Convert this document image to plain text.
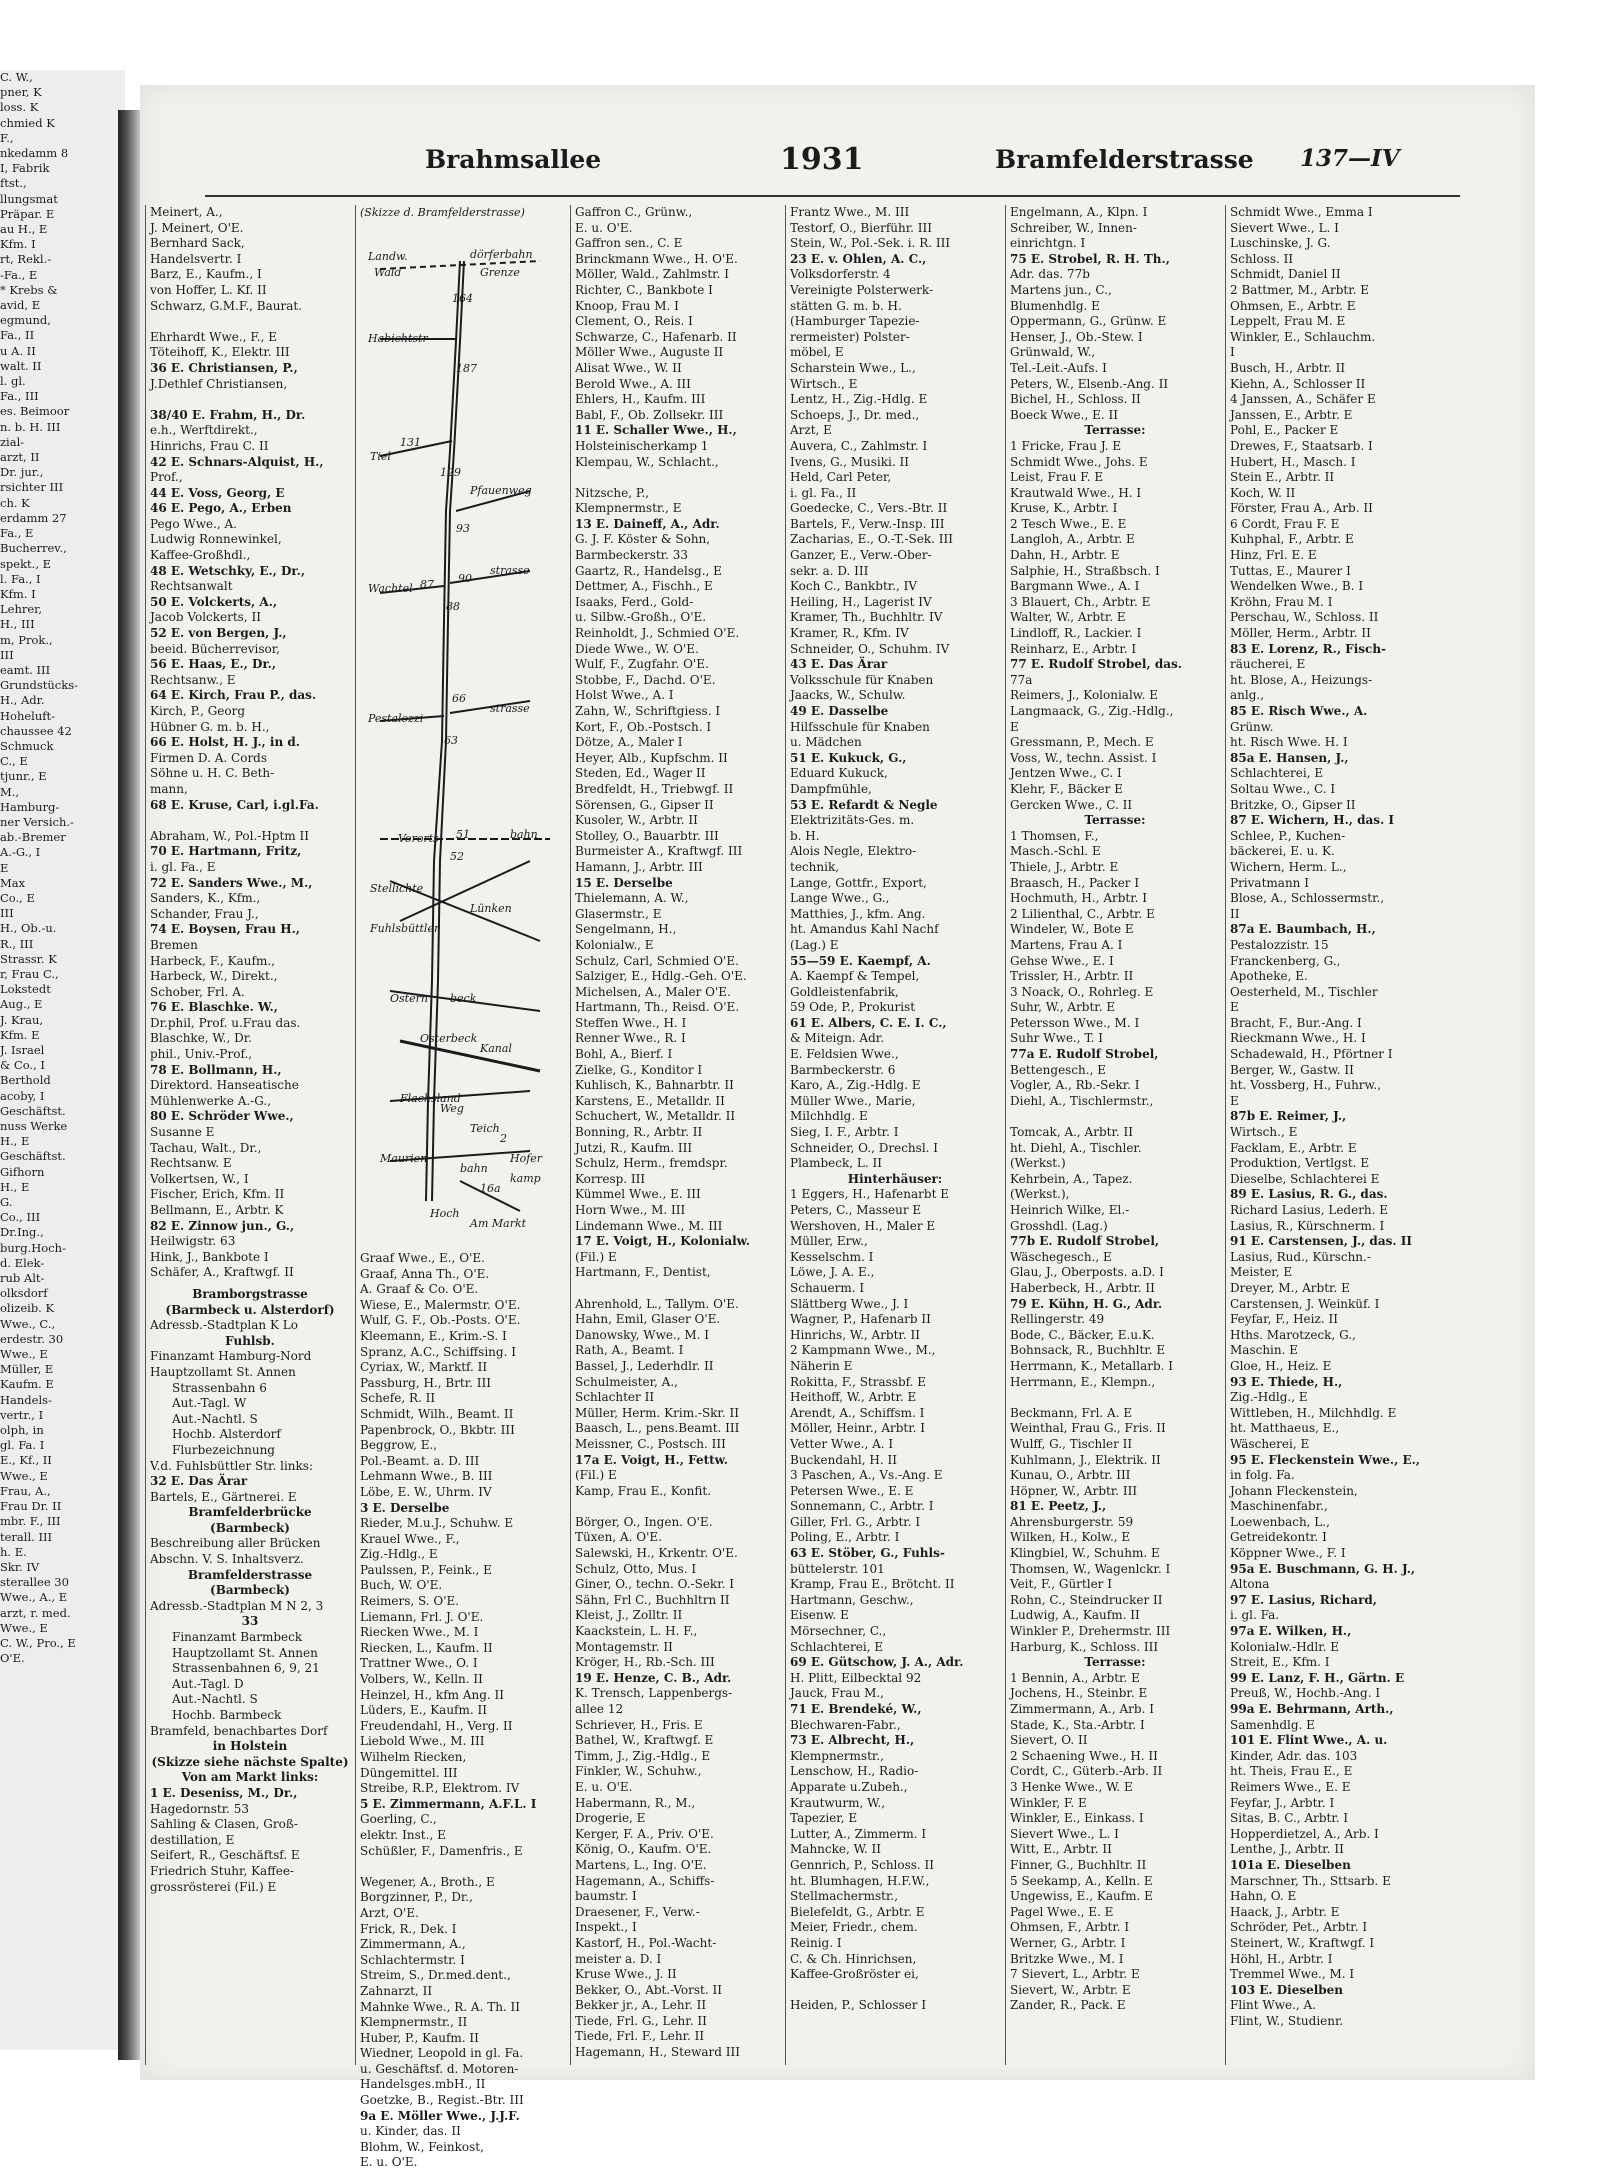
C. W.,
pner, K
loss. K
chmied K
F.,
nkedamm 8
I, Fabrik
ftst.,
llungsmat
Präpar. E
au H., E
Kfm. I
rt, Rekl.-
-Fa., E
* Krebs &
avid, E
egmund,
Fa., II
u A. II
walt. II
l. gl.
Fa., III
es. Beimoor
n. b. H. III
zial-
arzt, II
Dr. jur.,
rsichter III
ch. K
erdamm 27
Fa., E
Bucherrev.,
spekt., E
l. Fa., I
Kfm. I
Lehrer,
H., III
m, Prok.,
III
eamt. III
Grundstücks-
H., Adr.
Hoheluft-
chaussee 42
Schmuck
C., E
tjunr., E
M.,
Hamburg-
ner Versich.-
ab.-Bremer
A.-G., I
E
Max
Co., E
III
H., Ob.-u.
R., III
Strassr. K
r, Frau C.,
Lokstedt
Aug., E
J. Krau,
Kfm. E
J. Israel
& Co., I
Berthold
acoby, I
Geschäftst.
nuss Werke
H., E
Geschäftst.
Gifhorn
H., E
G.
Co., III
Dr.Ing.,
burg.Hoch-
d. Elek-
rub Alt-
olksdorf
olizeib. K
Wwe., C.,
erdestr. 30
Wwe., E
Müller, E
Kaufm. E
Handels-
vertr., I
olph, in
gl. Fa. I
E., Kf., II
Wwe., E
Frau, A.,
Frau Dr. II
mbr. F., III
terall. III
h. E.
Skr. IV
sterallee 30
Wwe., A., E
arzt, r. med.
Wwe., E
C. W., Pro., E
O'E.
Brahmsallee	1931	Bramfelderstrasse 137—IV
Meinert, A.,
J. Meinert, O'E.
Bernhard Sack,
Handelsvertr. I
Barz, E., Kaufm., I
von Hoffer, L. Kf. II
Schwarz, G.M.F., Baurat.

Ehrhardt Wwe., F., E
Töteihoff, K., Elektr. III
36 E. Christiansen, P.,
J.Dethlef Christiansen,

38/40 E. Frahm, H., Dr.
e.h., Werftdirekt.,
Hinrichs, Frau C. II
42 E. Schnars-Alquist, H.,
Prof.,
44 E. Voss, Georg, E
46 E. Pego, A., Erben
Pego Wwe., A.
Ludwig Ronnewinkel,
Kaffee-Großhdl.,
48 E. Wetschky, E., Dr.,
Rechtsanwalt
50 E. Volckerts, A.,
Jacob Volckerts, II
52 E. von Bergen, J.,
beeid. Bücherrevisor,
56 E. Haas, E., Dr.,
Rechtsanw., E
64 E. Kirch, Frau P., das.
Kirch, P., Georg
Hübner G. m. b. H.,
66 E. Holst, H. J., in d.
Firmen D. A. Cords
Söhne u. H. C. Beth-
mann,
68 E. Kruse, Carl, i.gl.Fa.

Abraham, W., Pol.-Hptm II
70 E. Hartmann, Fritz,
i. gl. Fa., E
72 E. Sanders Wwe., M.,
Sanders, K., Kfm.,
Schander, Frau J.,
74 E. Boysen, Frau H.,
Bremen
Harbeck, F., Kaufm.,
Harbeck, W., Direkt.,
Schober, Frl. A.
76 E. Blaschke. W.,
Dr.phil, Prof. u.Frau das.
Blaschke, W., Dr.
phil., Univ.-Prof.,
78 E. Bollmann, H.,
Direktord. Hanseatische
Mühlenwerke A.-G.,
80 E. Schröder Wwe.,
Susanne E
Tachau, Walt., Dr.,
Rechtsanw. E
Volkertsen, W., I
Fischer, Erich, Kfm. II
Bellmann, E., Arbtr. K
82 E. Zinnow jun., G.,
Heilwigstr. 63
Hink, J., Bankbote I
Schäfer, A., Kraftwgf. II
Bramborgstrasse
(Barmbeck u. Alsterdorf)
Adressb.-Stadtplan K Lo
Fuhlsb.
Finanzamt Hamburg-Nord
Hauptzollamt St. Annen
Strassenbahn 6
Aut.-Tagl. W
Aut.-Nachtl. S
Hochb. Alsterdorf
Flurbezeichnung
V.d. Fuhlsbüttler Str. links:
32 E. Das Ärar
Bartels, E., Gärtnerei. E
Bramfelderbrücke
(Barmbeck)
Beschreibung aller Brücken
Abschn. V. S. Inhaltsverz.
Bramfelderstrasse
(Barmbeck)
Adressb.-Stadtplan M N 2, 3
33
Finanzamt Barmbeck
Hauptzollamt St. Annen
Strassenbahnen 6, 9, 21
Aut.-Tagl. D
Aut.-Nachtl. S
Hochb. Barmbeck
Bramfeld, benachbartes Dorf
in Holstein
(Skizze siehe nächste Spalte)
Von am Markt links:
1 E. Deseniss, M., Dr.,
Hagedornstr. 53
Sahling & Clasen, Groß-
destillation, E
Seifert, R., Geschäftsf. E
Friedrich Stuhr, Kaffee-
grossrösterei (Fil.) E
(Skizze d. Bramfelderstrasse)
Landw.
Wald
dörferbahn
Grenze
164
Habichtstr
187
Tiel
131
129
Pfauenweg
93
Wachtel 87 90
strasse
88
Pestalozzi
63
66
strasse
Vororts 51	bahn
52
Stellichte
Fuhlsbüttler
Lünken
Ostern beck
Osterbeck
Kanal
Flachsland
Weg
Teich
Maurien
Hoch
bahn
16a
2
Hofer
kamp
Am Markt
Graaf Wwe., E., O'E.
Graaf, Anna Th., O'E.
A. Graaf & Co. O'E.
Wiese, E., Malermstr. O'E.
Wulf, G. F., Ob.-Posts. O'E.
Kleemann, E., Krim.-S. I
Spranz, A.C., Schiffsing. I
Cyriax, W., Marktf. II
Passburg, H., Brtr. III
Schefe, R. II
Schmidt, Wilh., Beamt. II
Papenbrock, O., Bkbtr. III
Beggrow, E.,
Pol.-Beamt. a. D. III
Lehmann Wwe., B. III
Löbe, E. W., Uhrm. IV
3 E. Derselbe
Rieder, M.u.J., Schuhw. E
Krauel Wwe., F.,
Zig.-Hdlg., E
Paulssen, P., Feink., E
Buch, W. O'E.
Reimers, S. O'E.
Liemann, Frl. J. O'E.
Riecken Wwe., M. I
Riecken, L., Kaufm. II
Trattner Wwe., O. I
Volbers, W., Kelln. II
Heinzel, H., kfm Ang. II
Lüders, E., Kaufm. II
Freudendahl, H., Verg. II
Liebold Wwe., M. III
Wilhelm Riecken,
Düngemittel. III
Streibe, R.P., Elektrom. IV
5 E. Zimmermann, A.F.L. I
Goerling, C.,
elektr. Inst., E
Schüßler, F., Damenfris., E

Wegener, A., Broth., E
Borgzinner, P., Dr.,
Arzt, O'E.
Frick, R., Dek. I
Zimmermann, A.,
Schlachtermstr. I
Streim, S., Dr.med.dent.,
Zahnarzt, II
Mahnke Wwe., R. A. Th. II
Klempnermstr., II
Huber, P., Kaufm. II
Wiedner, Leopold in gl. Fa.
u. Geschäftsf. d. Motoren-
Handelsges.mbH., II
Goetzke, B., Regist.-Btr. III
9a E. Möller Wwe., J.J.F.
u. Kinder, das. II
Blohm, W., Feinkost,
E. u. O'E.
Gaffron C., Grünw.,
E. u. O'E.
Gaffron sen., C. E
Brinckmann Wwe., H. O'E.
Möller, Wald., Zahlmstr. I
Richter, C., Bankbote I
Knoop, Frau M. I
Clement, O., Reis. I
Schwarze, C., Hafenarb. II
Möller Wwe., Auguste II
Alisat Wwe., W. II
Berold Wwe., A. III
Ehlers, H., Kaufm. III
Babl, F., Ob. Zollsekr. III
11 E. Schaller Wwe., H.,
Holsteinischerkamp 1
Klempau, W., Schlacht.,

Nitzsche, P.,
Klempnermstr., E
13 E. Daineff, A., Adr.
G. J. F. Köster & Sohn,
Barmbeckerstr. 33
Gaartz, R., Handelsg., E
Dettmer, A., Fischh., E
Isaaks, Ferd., Gold-
u. Silbw.-Großh., O'E.
Reinholdt, J., Schmied O'E.
Diede Wwe., W. O'E.
Wulf, F., Zugfahr. O'E.
Stobbe, F., Dachd. O'E.
Holst Wwe., A. I
Zahn, W., Schriftgiess. I
Kort, F., Ob.-Postsch. I
Dötze, A., Maler I
Heyer, Alb., Kupfschm. II
Steden, Ed., Wager II
Bredfeldt, H., Triebwgf. II
Sörensen, G., Gipser II
Kusoler, W., Arbtr. II
Stolley, O., Bauarbtr. III
Burmeister A., Kraftwgf. III
Hamann, J., Arbtr. III
15 E. Derselbe
Thielemann, A. W.,
Glasermstr., E
Sengelmann, H.,
Kolonialw., E
Schulz, Carl, Schmied O'E.
Salziger, E., Hdlg.-Geh. O'E.
Michelsen, A., Maler O'E.
Hartmann, Th., Reisd. O'E.
Steffen Wwe., H. I
Renner Wwe., R. I
Bohl, A., Bierf. I
Zielke, G., Konditor I
Kuhlisch, K., Bahnarbtr. II
Karstens, E., Metalldr. II
Schuchert, W., Metalldr. II
Bonning, R., Arbtr. II
Jutzi, R., Kaufm. III
Schulz, Herm., fremdspr.
Korresp. III
Kümmel Wwe., E. III
Horn Wwe., M. III
Lindemann Wwe., M. III
17 E. Voigt, H., Kolonialw.
(Fil.) E
Hartmann, F., Dentist,

Ahrenhold, L., Tallym. O'E.
Hahn, Emil, Glaser O'E.
Danowsky, Wwe., M. I
Rath, A., Beamt. I
Bassel, J., Lederhdlr. II
Schulmeister, A.,
Schlachter II
Müller, Herm. Krim.-Skr. II
Baasch, L., pens.Beamt. III
Meissner, C., Postsch. III
17a E. Voigt, H., Fettw.
(Fil.) E
Kamp, Frau E., Konfit.

Börger, O., Ingen. O'E.
Tüxen, A. O'E.
Salewski, H., Krkentr. O'E.
Schulz, Otto, Mus. I
Giner, O., techn. O.-Sekr. I
Sähn, Frl C., Buchhltrn II
Kleist, J., Zolltr. II
Kaackstein, L. H. F.,
Montagemstr. II
Kröger, H., Rb.-Sch. III
19 E. Henze, C. B., Adr.
K. Trensch, Lappenbergs-
allee 12
Schriever, H., Fris. E
Bathel, W., Kraftwgf. E
Timm, J., Zig.-Hdlg., E
Finkler, W., Schuhw.,
E. u. O'E.
Habermann, R., M.,
Drogerie, E
Kerger, F. A., Priv. O'E.
König, O., Kaufm. O'E.
Martens, L., Ing. O'E.
Hagemann, A., Schiffs-
baumstr. I
Draesener, F., Verw.-
Inspekt., I
Kastorf, H., Pol.-Wacht-
meister a. D. I
Kruse Wwe., J. II
Bekker, O., Abt.-Vorst. II
Bekker jr., A., Lehr. II
Tiede, Frl. G., Lehr. II
Tiede, Frl. F., Lehr. II
Hagemann, H., Steward III
Frantz Wwe., M. III
Testorf, O., Bierführ. III
Stein, W., Pol.-Sek. i. R. III
23 E. v. Ohlen, A. C.,
Volksdorferstr. 4
Vereinigte Polsterwerk-
stätten G. m. b. H.
(Hamburger Tapezie-
rermeister) Polster-
möbel, E
Scharstein Wwe., L.,
Wirtsch., E
Lentz, H., Zig.-Hdlg. E
Schoeps, J., Dr. med.,
Arzt, E
Auvera, C., Zahlmstr. I
Ivens, G., Musiki. II
Held, Carl Peter,
i. gl. Fa., II
Goedecke, C., Vers.-Btr. II
Bartels, F., Verw.-Insp. III
Zacharias, E., O.-T.-Sek. III
Ganzer, E., Verw.-Ober-
sekr. a. D. III
Koch C., Bankbtr., IV
Heiling, H., Lagerist IV
Kramer, Th., Buchhltr. IV
Kramer, R., Kfm. IV
Schneider, O., Schuhm. IV
43 E. Das Ärar
Volksschule für Knaben
Jaacks, W., Schulw.
49 E. Dasselbe
Hilfsschule für Knaben
u. Mädchen
51 E. Kukuck, G.,
Eduard Kukuck,
Dampfmühle,
53 E. Refardt & Negle
Elektrizitäts-Ges. m.
b. H.
Alois Negle, Elektro-
technik,
Lange, Gottfr., Export,
Lange Wwe., G.,
Matthies, J., kfm. Ang.
ht. Amandus Kahl Nachf
(Lag.) E
55—59 E. Kaempf, A.
A. Kaempf & Tempel,
Goldleistenfabrik,
59 Ode, P., Prokurist
61 E. Albers, C. E. I. C.,
& Miteign. Adr.
E. Feldsien Wwe.,
Barmbeckerstr. 6
Karo, A., Zig.-Hdlg. E
Müller Wwe., Marie,
Milchhdlg. E
Sieg, I. F., Arbtr. I
Schneider, O., Drechsl. I
Plambeck, L. II
Hinterhäuser:
1 Eggers, H., Hafenarbt E
Peters, C., Masseur E
Wershoven, H., Maler E
Müller, Erw.,
Kesselschm. I
Löwe, J. A. E.,
Schauerm. I
Slättberg Wwe., J. I
Wagner, P., Hafenarb II
Hinrichs, W., Arbtr. II
2 Kampmann Wwe., M.,
Näherin E
Rokitta, F., Strassbf. E
Heithoff, W., Arbtr. E
Arendt, A., Schiffsm. I
Möller, Heinr., Arbtr. I
Vetter Wwe., A. I
Buckendahl, H. II
3 Paschen, A., Vs.-Ang. E
Petersen Wwe., E. E
Sonnemann, C., Arbtr. I
Giller, Frl. G., Arbtr. I
Poling, E., Arbtr. I
63 E. Stöber, G., Fuhls-
büttelerstr. 101
Kramp, Frau E., Brötcht. II
Hartmann, Geschw.,
Eisenw. E
Mörsechner, C.,
Schlachterei, E
69 E. Gütschow, J. A., Adr.
H. Plitt, Eilbecktal 92
Jauck, Frau M.,
71 E. Brendeké, W.,
Blechwaren-Fabr.,
73 E. Albrecht, H.,
Klempnermstr.,
Lenschow, H., Radio-
Apparate u.Zubeh.,
Krautwurm, W.,
Tapezier, E
Lutter, A., Zimmerm. I
Mahncke, W. II
Gennrich, P., Schloss. II
ht. Blumhagen, H.F.W.,
Stellmachermstr.,
Bielefeldt, G., Arbtr. E
Meier, Friedr., chem.
Reinig. I
C. & Ch. Hinrichsen,
Kaffee-Großröster ei,

Heiden, P., Schlosser I
Engelmann, A., Klpn. I
Schreiber, W., Innen-
einrichtgn. I
75 E. Strobel, R. H. Th.,
Adr. das. 77b
Martens jun., C.,
Blumenhdlg. E
Oppermann, G., Grünw. E
Henser, J., Ob.-Stew. I
Grünwald, W.,
Tel.-Leit.-Aufs. I
Peters, W., Elsenb.-Ang. II
Bichel, H., Schloss. II
Boeck Wwe., E. II
Terrasse:
1 Fricke, Frau J. E
Schmidt Wwe., Johs. E
Leist, Frau F. E
Krautwald Wwe., H. I
Kruse, K., Arbtr. I
2 Tesch Wwe., E. E
Langloh, A., Arbtr. E
Dahn, H., Arbtr. E
Salphie, H., Straßbsch. I
Bargmann Wwe., A. I
3 Blauert, Ch., Arbtr. E
Walter, W., Arbtr. E
Lindloff, R., Lackier. I
Reinharz, E., Arbtr. I
77 E. Rudolf Strobel, das.
77a
Reimers, J., Kolonialw. E
Langmaack, G., Zig.-Hdlg.,
E
Gressmann, P., Mech. E
Voss, W., techn. Assist. I
Jentzen Wwe., C. I
Klehr, F., Bäcker E
Gercken Wwe., C. II
Terrasse:
1 Thomsen, F.,
Masch.-Schl. E
Thiele, J., Arbtr. E
Braasch, H., Packer I
Hochmuth, H., Arbtr. I
2 Lilienthal, C., Arbtr. E
Windeler, W., Bote E
Martens, Frau A. I
Gehse Wwe., E. I
Trissler, H., Arbtr. II
3 Noack, O., Rohrleg. E
Suhr, W., Arbtr. E
Petersson Wwe., M. I
Suhr Wwe., T. I
77a E. Rudolf Strobel,
Bettengesch., E
Vogler, A., Rb.-Sekr. I
Diehl, A., Tischlermstr.,

Tomcak, A., Arbtr. II
ht. Diehl, A., Tischler.
(Werkst.)
Kehrbein, A., Tapez.
(Werkst.),
Heinrich Wilke, El.-
Grosshdl. (Lag.)
77b E. Rudolf Strobel,
Wäschegesch., E
Glau, J., Oberposts. a.D. I
Haberbeck, H., Arbtr. II
79 E. Kühn, H. G., Adr.
Rellingerstr. 49
Bode, C., Bäcker, E.u.K.
Bohnsack, R., Buchhltr. E
Herrmann, K., Metallarb. I
Herrmann, E., Klempn.,

Beckmann, Frl. A. E
Weinthal, Frau G., Fris. II
Wulff, G., Tischler II
Kuhlmann, J., Elektrik. II
Kunau, O., Arbtr. III
Höpner, W., Arbtr. III
81 E. Peetz, J.,
Ahrensburgerstr. 59
Wilken, H., Kolw., E
Klingbiel, W., Schuhm. E
Thomsen, W., Wagenlckr. I
Veit, F., Gürtler I
Rohn, C., Steindrucker II
Ludwig, A., Kaufm. II
Winkler P., Drehermstr. III
Harburg, K., Schloss. III
Terrasse:
1 Bennin, A., Arbtr. E
Jochens, H., Steinbr. E
Zimmermann, A., Arb. I
Stade, K., Sta.-Arbtr. I
Sievert, O. II
2 Schaening Wwe., H. II
Cordt, C., Güterb.-Arb. II
3 Henke Wwe., W. E
Winkler, F. E
Winkler, E., Einkass. I
Sievert Wwe., L. I
Witt, E., Arbtr. II
Finner, G., Buchhltr. II
5 Seekamp, A., Kelln. E
Ungewiss, E., Kaufm. E
Pagel Wwe., E. E
Ohmsen, F., Arbtr. I
Werner, G., Arbtr. I
Britzke Wwe., M. I
7 Sievert, L., Arbtr. E
Sievert, W., Arbtr. E
Zander, R., Pack. E
Schmidt Wwe., Emma I
Sievert Wwe., L. I
Luschinske, J. G.
Schloss. II
Schmidt, Daniel II
2 Battmer, M., Arbtr. E
Ohmsen, E., Arbtr. E
Leppelt, Frau M. E
Winkler, E., Schlauchm.
I
Busch, H., Arbtr. II
Kiehn, A., Schlosser II
4 Janssen, A., Schäfer E
Janssen, E., Arbtr. E
Pohl, E., Packer E
Drewes, F., Staatsarb. I
Hubert, H., Masch. I
Stein E., Arbtr. II
Koch, W. II
Förster, Frau A., Arb. II
6 Cordt, Frau F. E
Kuhphal, F., Arbtr. E
Hinz, Frl. E. E
Tuttas, E., Maurer I
Wendelken Wwe., B. I
Kröhn, Frau M. I
Perschau, W., Schloss. II
Möller, Herm., Arbtr. II
83 E. Lorenz, R., Fisch-
räucherei, E
ht. Blose, A., Heizungs-
anlg.,
85 E. Risch Wwe., A.
Grünw.
ht. Risch Wwe. H. I
85a E. Hansen, J.,
Schlachterei, E
Soltau Wwe., C. I
Britzke, O., Gipser II
87 E. Wichern, H., das. I
Schlee, P., Kuchen-
bäckerei, E. u. K.
Wichern, Herm. L.,
Privatmann I
Blose, A., Schlossermstr.,
II
87a E. Baumbach, H.,
Pestalozzistr. 15
Franckenberg, G.,
Apotheke, E.
Oesterheld, M., Tischler
E
Bracht, F., Bur.-Ang. I
Rieckmann Wwe., H. I
Schadewald, H., Pförtner I
Berger, W., Gastw. II
ht. Vossberg, H., Fuhrw.,
E
87b E. Reimer, J.,
Wirtsch., E
Facklam, E., Arbtr. E
Produktion, Vertlgst. E
Dieselbe, Schlachterei E
89 E. Lasius, R. G., das.
Richard Lasius, Lederh. E
Lasius, R., Kürschnerm. I
91 E. Carstensen, J., das. II
Lasius, Rud., Kürschn.-
Meister, E
Dreyer, M., Arbtr. E
Carstensen, J. Weinküf. I
Feyfar, F., Heiz. II
Hths. Marotzeck, G.,
Maschin. E
Gloe, H., Heiz. E
93 E. Thiede, H.,
Zig.-Hdlg., E
Wittleben, H., Milchhdlg. E
ht. Matthaeus, E.,
Wäscherei, E
95 E. Fleckenstein Wwe., E.,
in folg. Fa.
Johann Fleckenstein,
Maschinenfabr.,
Loewenbach, L.,
Getreidekontr. I
Köppner Wwe., F. I
95a E. Buschmann, G. H. J.,
Altona
97 E. Lasius, Richard,
i. gl. Fa.
97a E. Wilken, H.,
Kolonialw.-Hdlr. E
Streit, E., Kfm. I
99 E. Lanz, F. H., Gärtn. E
Preuß, W., Hochb.-Ang. I
99a E. Behrmann, Arth.,
Samenhdlg. E
101 E. Flint Wwe., A. u.
Kinder, Adr. das. 103
ht. Theis, Frau E., E
Reimers Wwe., E. E
Feyfar, J., Arbtr. I
Sitas, B. C., Arbtr. I
Hopperdietzel, A., Arb. I
Lenthe, J., Arbtr. II
101a E. Dieselben
Marschner, Th., Sttsarb. E
Hahn, O. E
Haack, J., Arbtr. E
Schröder, Pet., Arbtr. I
Steinert, W., Kraftwgf. I
Höhl, H., Arbtr. I
Tremmel Wwe., M. I
103 E. Dieselben
Flint Wwe., A.
Flint, W., Studienr.
